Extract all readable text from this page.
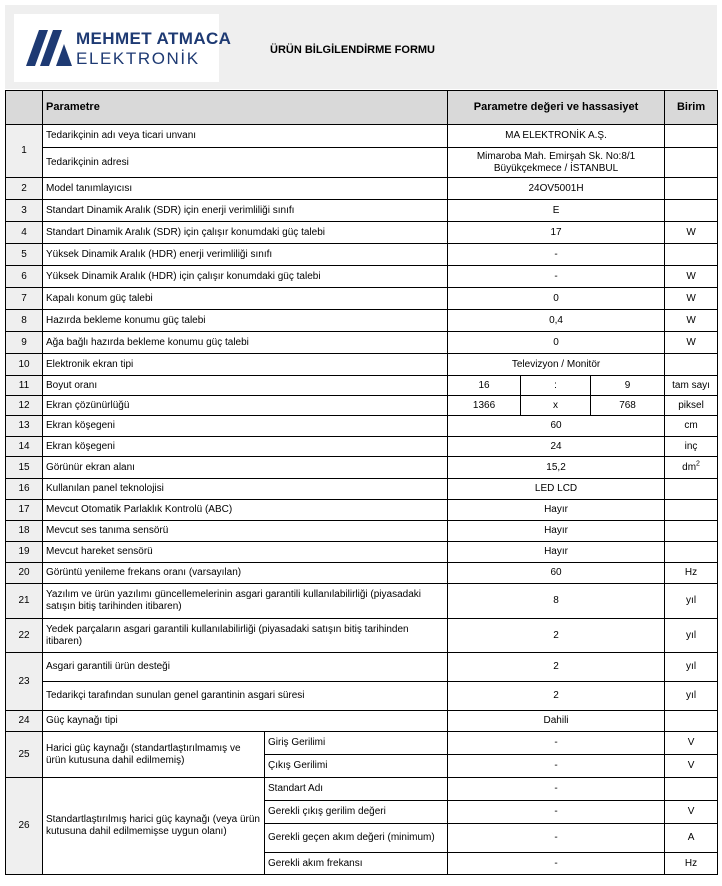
MEHMET ATMACA
ELEKTRONİK	ÜRÜN BİLGİLENDİRME FORMU
	Parametre		Parametre değeri ve hassasiyet			Birim
1	Tedarikçinin adı veya ticari unvanı		MA ELEKTRONİK A.Ş.			
	Tedarikçinin adresi		Mimaroba Mah. Emirşah Sk. No:8/1
Büyükçekmece / İSTANBUL			

2	Model tanımlayıcısı		24OV5001H			
3	Standart Dinamik Aralık (SDR) için enerji verimliliği sınıfı		E			
4	Standart Dinamik Aralık (SDR) için çalışır konumdaki güç talebi		17			W
5	Yüksek Dinamik Aralık (HDR) enerji verimliliği sınıfı		-			
6	Yüksek Dinamik Aralık (HDR) için çalışır konumdaki güç talebi		-			W
7	Kapalı konum güç talebi		0			W
8	Hazırda bekleme konumu güç talebi		0,4			W
9	Ağa bağlı hazırda bekleme konumu güç talebi		0			W
10	Elektronik ekran tipi		Televizyon / Monitör			
11	Boyut oranı		16	:	9	tam sayı
12	Ekran çözünürlüğü		1366	x	768	piksel
13	Ekran köşegeni		60			cm
14	Ekran köşegeni		24			inç
15	Görünür ekran alanı		15,2			$dm^2$
16	Kullanılan panel teknolojisi		LED LCD			
17	Mevcut Otomatik Parlaklık Kontrolü (ABC)		Hayır			
18	Mevcut ses tanıma sensörü		Hayır			
19	Mevcut hareket sensörü		Hayır			
20	Görüntü yenileme frekans oranı (varsayılan)		60			Hz
21	Yazılım ve ürün yazılımı güncellemelerinin asgari garantili kullanılabilirliği (piyasadaki satışın bitiş tarihinden itibaren)		8			yıl
22	Yedek parçaların asgari garantili kullanılabilirliği (piyasadaki satışın bitiş tarihinden itibaren)		2			yıl
23	Asgari garantili ürün desteği		2			yıl
	Tedarikçi tarafından sunulan genel garantinin asgari süresi		2			yıl
24	Güç kaynağı tipi		Dahili			
25	Harici güç kaynağı (standartlaştırılmamış ve ürün kutusuna dahil edilmemiş)	Giriş Gerilimi	-			V
		Çıkış Gerilimi	-			V
26	Standartlaştırılmış harici güç kaynağı (veya ürün kutusuna dahil edilmemişse uygun olanı)	Standart Adı	-			
		Gerekli çıkış gerilim değeri	-			V
		Gerekli geçen akım değeri (minimum)	-			A
		Gerekli akım frekansı	-			Hz
